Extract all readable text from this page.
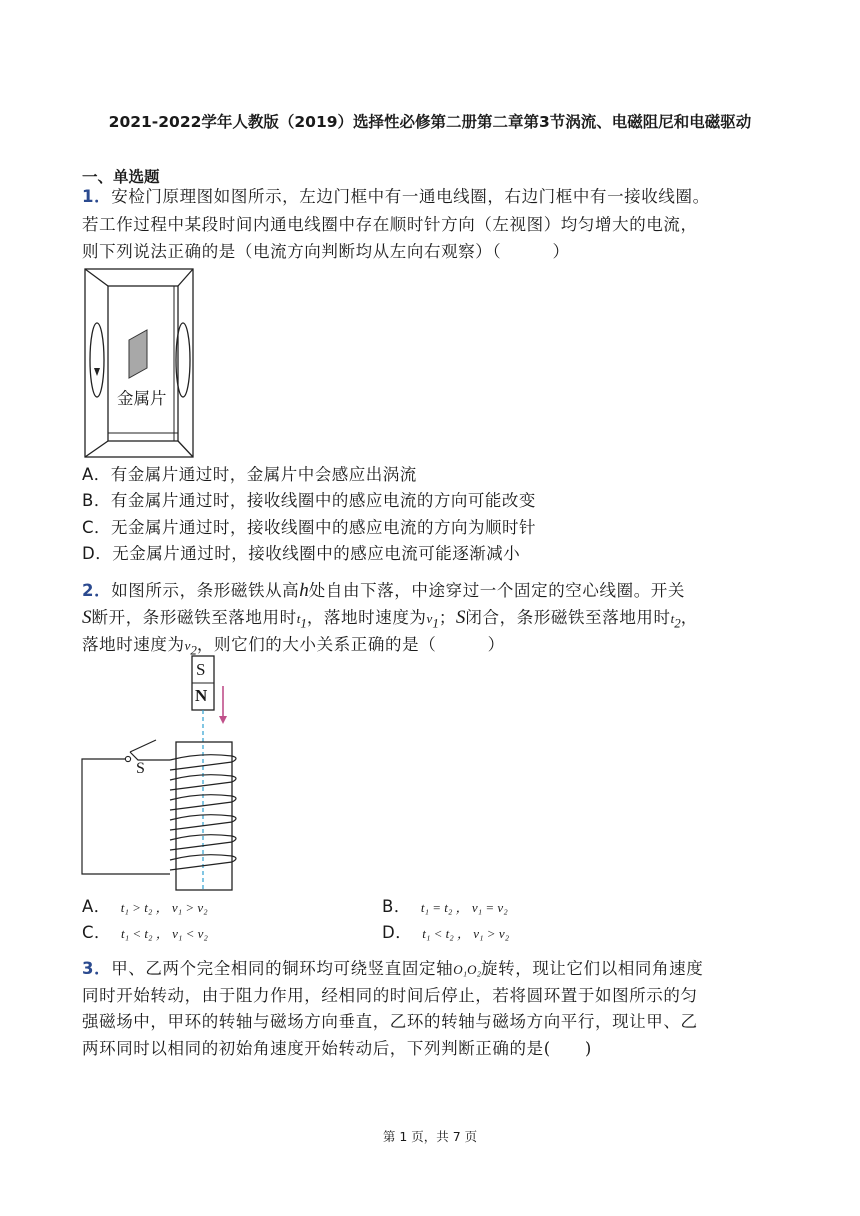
2021-2022学年人教版（2019）选择性必修第二册第二章第3节涡流、电磁阻尼和电磁驱动
一、单选题
1．安检门原理图如图所示，左边门框中有一通电线圈，右边门框中有一接收线圈。
若工作过程中某段时间内通电线圈中存在顺时针方向（左视图）均匀增大的电流，
则下列说法正确的是（电流方向判断均从左向右观察）（　　　）
金属片
A．有金属片通过时，金属片中会感应出涡流
B．有金属片通过时，接收线圈中的感应电流的方向可能改变
C．无金属片通过时，接收线圈中的感应电流的方向为顺时针
D．无金属片通过时，接收线圈中的感应电流可能逐渐减小
2．如图所示，条形磁铁从高h处自由下落，中途穿过一个固定的空心线圈。开关
S断开，条形磁铁至落地用时$t_1$，落地时速度为$v_1$；S闭合，条形磁铁至落地用时$t_2$，
落地时速度为$v_2$，则它们的大小关系正确的是（　　　）
S
N
S
A． t₁ > t₂ ， v₁ > v₂	B． t₁ = t₂ ， v₁ = v₂
C． t₁ < t₂ ， v₁ < v₂	D． t₁ < t₂ ， v₁ > v₂
3．甲、乙两个完全相同的铜环均可绕竖直固定轴O₁O₂旋转，现让它们以相同角速度
同时开始转动，由于阻力作用，经相同的时间后停止，若将圆环置于如图所示的匀
强磁场中，甲环的转轴与磁场方向垂直，乙环的转轴与磁场方向平行，现让甲、乙
两环同时以相同的初始角速度开始转动后，下列判断正确的是(　　)
第 1 页，共 7 页
